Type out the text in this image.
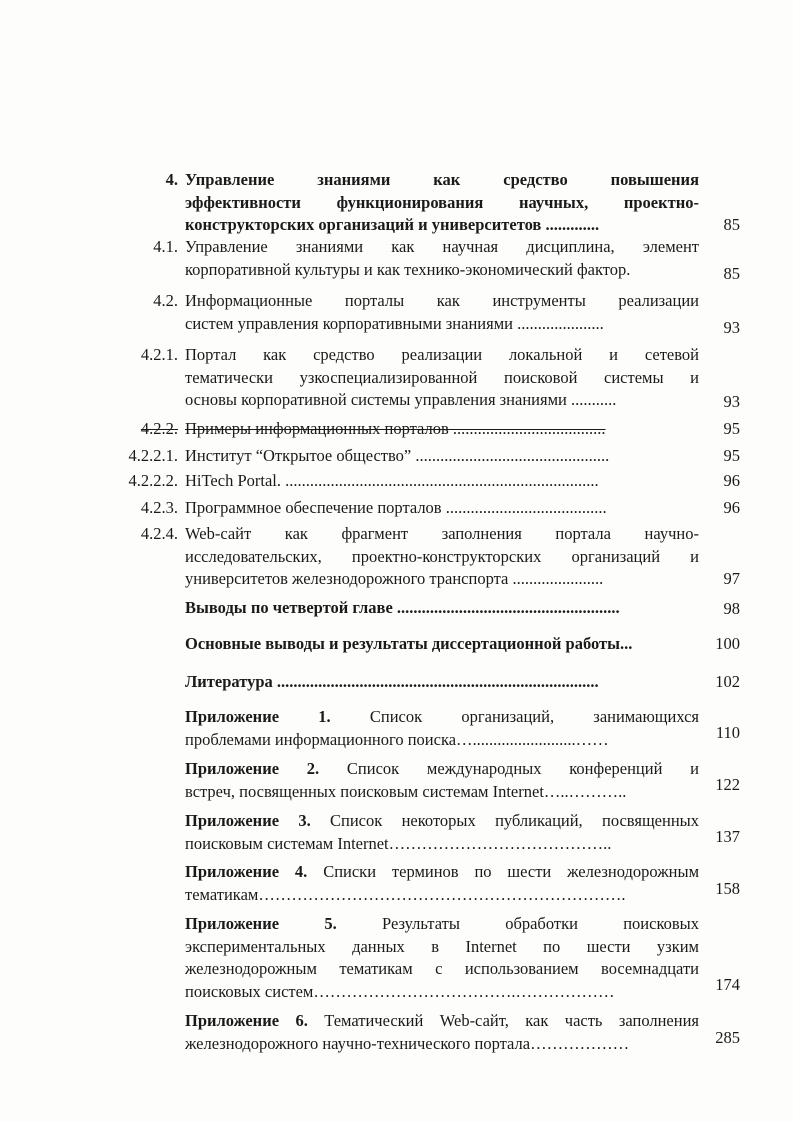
4. Управление знаниями как средство повышения
эффективности функционирования научных, проектно-
конструкторских организаций и университетов .............	85
4.1. Управление знаниями как научная дисциплина, элемент
корпоративной культуры и как технико-экономический фактор.	85
4.2. Информационные порталы как инструменты реализации
систем управления корпоративными знаниями .....................	93
4.2.1. Портал как средство реализации локальной и сетевой
тематически узкоспециализированной поисковой системы и
основы корпоративной системы управления знаниями ...........	93
4.2.2. Примеры информационных порталов .....................................	95
4.2.2.1. Институт “Открытое общество” ...............................................	95
4.2.2.2. HiTech Portal. ............................................................................	96
4.2.3. Программное обеспечение порталов .......................................	96
4.2.4. Web-сайт как фрагмент заполнения портала научно-
исследовательских, проектно-конструкторских организаций и
университетов железнодорожного транспорта ......................	97
Выводы по четвертой главе ......................................................	98
Основные выводы и результаты диссертационной работы...	100
Литература ..............................................................................	102
Приложение 1. Список организаций, занимающихся
проблемами информационного поиска….........................……	110
Приложение 2. Список международных конференций и
встреч, посвященных поисковым системам Internet…..………..	122
Приложение 3. Список некоторых публикаций, посвященных
поисковым системам Internet…………………………………..	137
Приложение 4. Списки терминов по шести железнодорожным
тематикам………………………………………………………….	158
Приложение 5.	Результаты обработки поисковых
экспериментальных данных в Internet по шести узким
железнодорожным тематикам с использованием восемнадцати
поисковых систем……………………………….………………	174
Приложение 6. Тематический Web-сайт, как часть заполнения
железнодорожного научно-технического портала………………	285
